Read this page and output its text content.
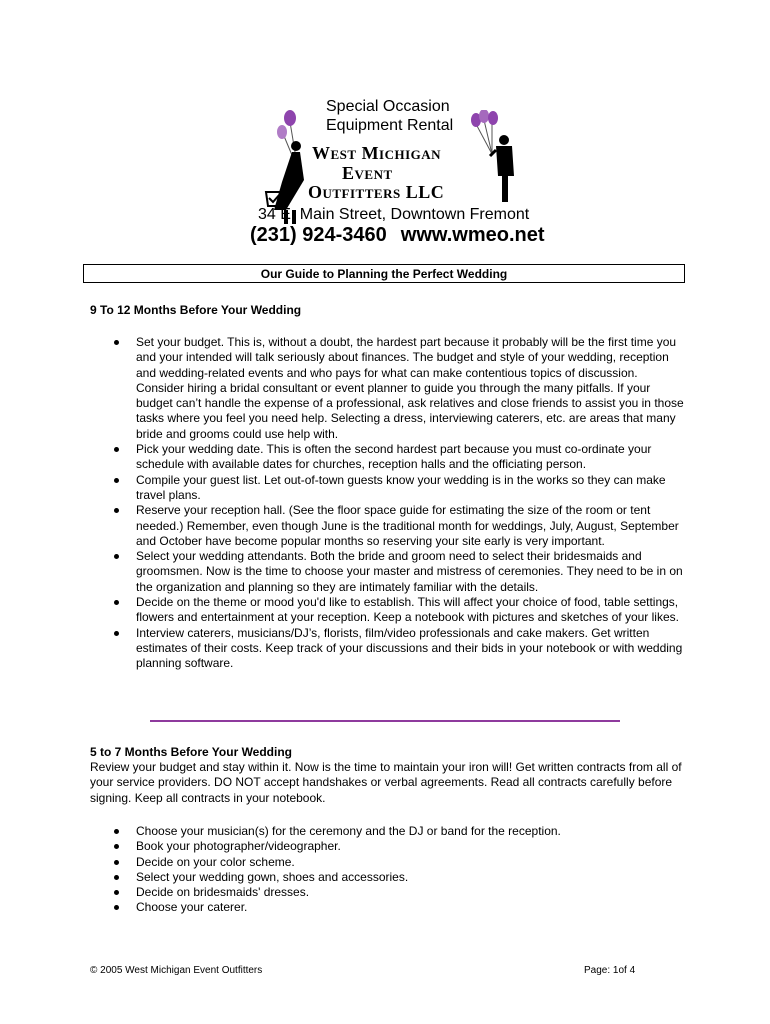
Special Occasion
Equipment Rental
West Michigan
Event
Outfitters LLC
34 E. Main Street, Downtown Fremont
(231) 924-3460 www.wmeo.net
Our Guide to Planning the Perfect Wedding
9 To 12 Months Before Your Wedding
Set your budget. This is, without a doubt, the hardest part because it probably will be the first time you and your intended will talk seriously about finances. The budget and style of your wedding, reception and wedding-related events and who pays for what can make contentious topics of discussion. Consider hiring a bridal consultant or event planner to guide you through the many pitfalls. If your budget can’t handle the expense of a professional, ask relatives and close friends to assist you in those tasks where you feel you need help. Selecting a dress, interviewing caterers, etc. are areas that many bride and grooms could use help with.
Pick your wedding date. This is often the second hardest part because you must co-ordinate your schedule with available dates for churches, reception halls and the officiating person.
Compile your guest list. Let out-of-town guests know your wedding is in the works so they can make travel plans.
Reserve your reception hall. (See the floor space guide for estimating the size of the room or tent needed.) Remember, even though June is the traditional month for weddings, July, August, September and October have become popular months so reserving your site early is very important.
Select your wedding attendants. Both the bride and groom need to select their bridesmaids and groomsmen. Now is the time to choose your master and mistress of ceremonies. They need to be in on the organization and planning so they are intimately familiar with the details.
Decide on the theme or mood you'd like to establish. This will affect your choice of food, table settings, flowers and entertainment at your reception. Keep a notebook with pictures and sketches of your likes.
Interview caterers, musicians/DJ’s, florists, film/video professionals and cake makers. Get written estimates of their costs. Keep track of your discussions and their bids in your notebook or with wedding planning software.
5 to 7 Months Before Your Wedding
Review your budget and stay within it. Now is the time to maintain your iron will! Get written contracts from all of your service providers. DO NOT accept handshakes or verbal agreements. Read all contracts carefully before signing. Keep all contracts in your notebook.
Choose your musician(s) for the ceremony and the DJ or band for the reception.
Book your photographer/videographer.
Decide on your color scheme.
Select your wedding gown, shoes and accessories.
Decide on bridesmaids' dresses.
Choose your caterer.
© 2005 West Michigan Event Outfitters	Page: 1of 4
